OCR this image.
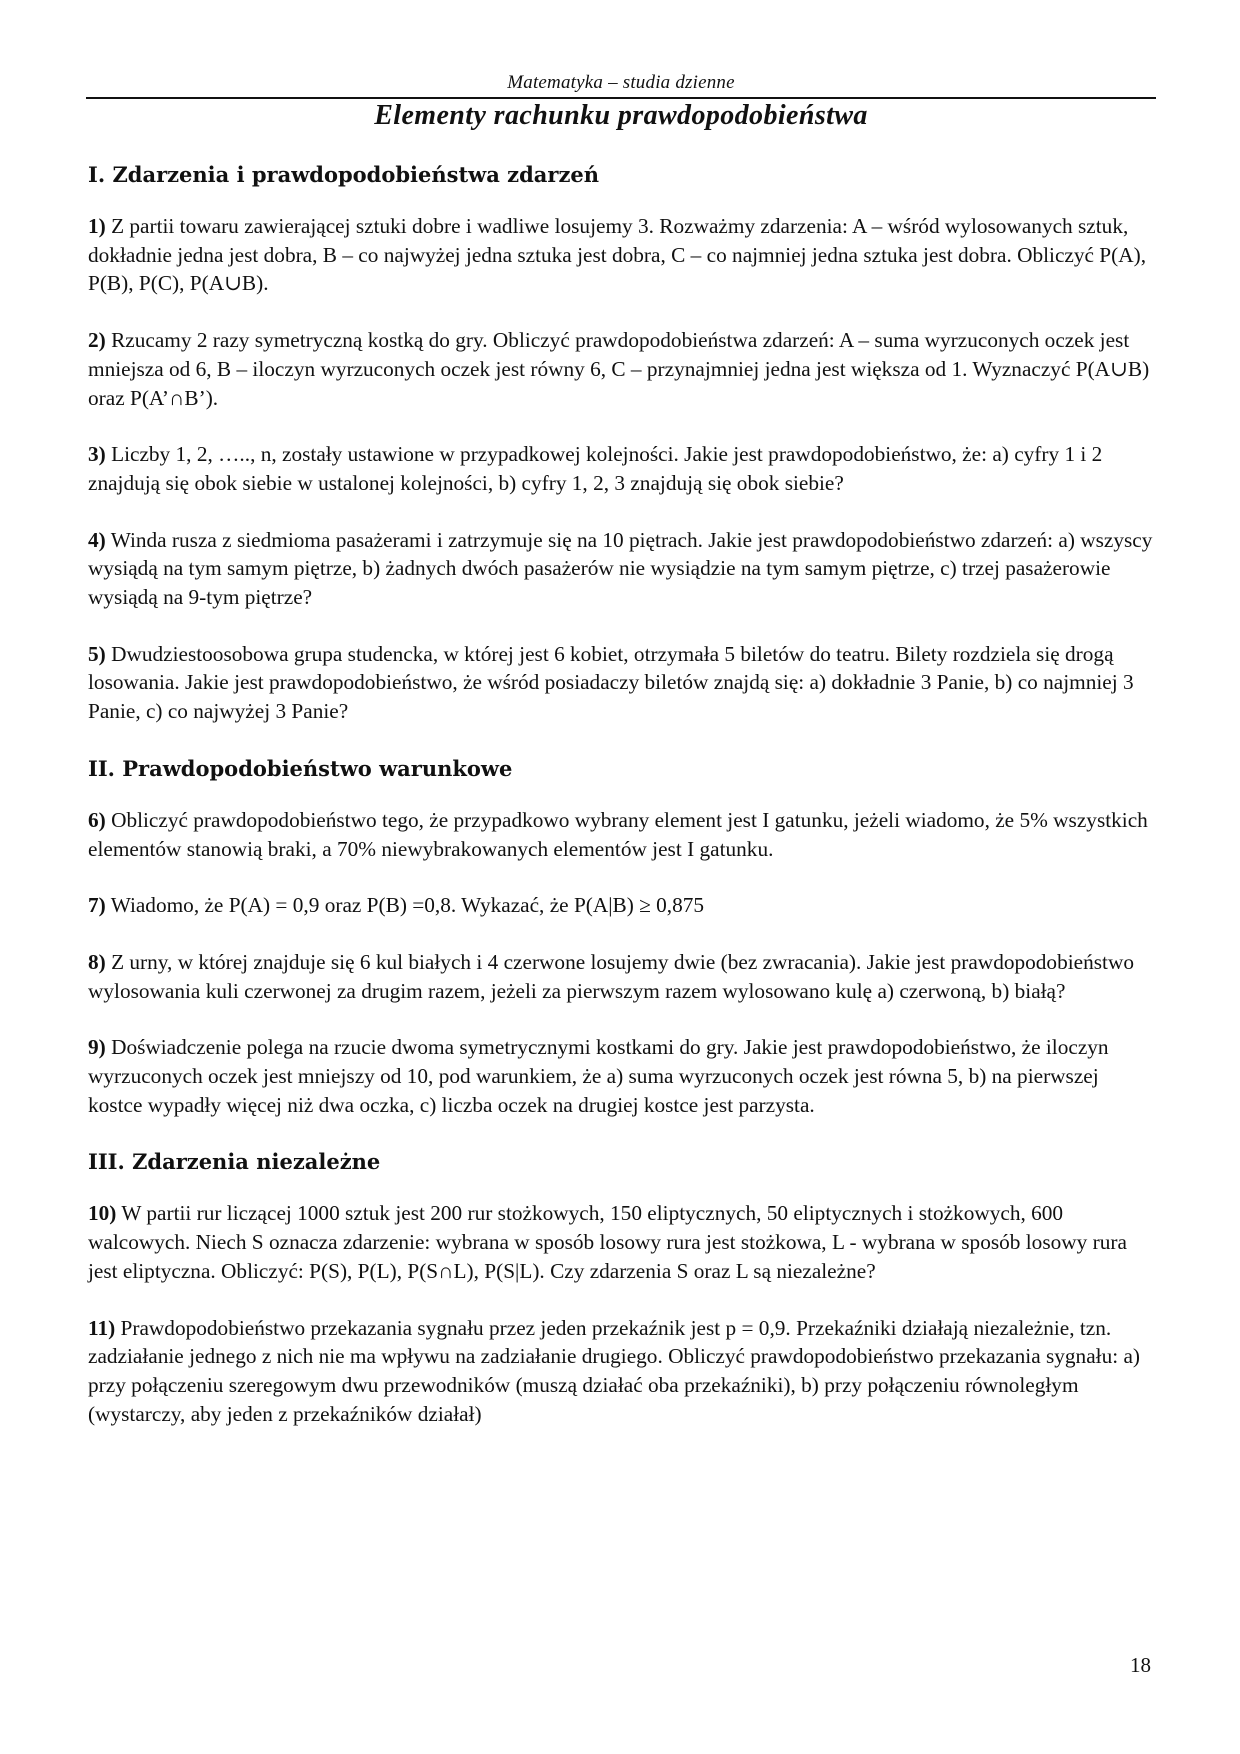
Matematyka – studia dzienne
Elementy rachunku prawdopodobieństwa
I. Zdarzenia i prawdopodobieństwa zdarzeń
1) Z partii towaru zawierającej sztuki dobre i wadliwe losujemy 3. Rozważmy zdarzenia: A – wśród wylosowanych sztuk, dokładnie jedna jest dobra, B – co najwyżej jedna sztuka jest dobra, C – co najmniej jedna sztuka jest dobra. Obliczyć P(A), P(B), P(C), P(A∪B).
2) Rzucamy 2 razy symetryczną kostką do gry. Obliczyć prawdopodobieństwa zdarzeń: A – suma wyrzuconych oczek jest mniejsza od 6, B – iloczyn wyrzuconych oczek jest równy 6, C – przynajmniej jedna jest większa od 1. Wyznaczyć P(A∪B) oraz P(A’∩B’).
3) Liczby 1, 2, ….., n, zostały ustawione w przypadkowej kolejności. Jakie jest prawdopodobieństwo, że: a) cyfry 1 i 2 znajdują się obok siebie w ustalonej kolejności, b) cyfry 1, 2, 3 znajdują się obok siebie?
4) Winda rusza z siedmioma pasażerami i zatrzymuje się na 10 piętrach. Jakie jest prawdopodobieństwo zdarzeń: a) wszyscy wysiądą na tym samym piętrze, b) żadnych dwóch pasażerów nie wysiądzie na tym samym piętrze, c) trzej pasażerowie wysiądą na 9-tym piętrze?
5) Dwudziestoosobowa grupa studencka, w której jest 6 kobiet, otrzymała 5 biletów do teatru. Bilety rozdziela się drogą losowania. Jakie jest prawdopodobieństwo, że wśród posiadaczy biletów znajdą się: a) dokładnie 3 Panie, b) co najmniej 3 Panie, c) co najwyżej 3 Panie?
II. Prawdopodobieństwo warunkowe
6) Obliczyć prawdopodobieństwo tego, że przypadkowo wybrany element jest I gatunku, jeżeli wiadomo, że 5% wszystkich elementów stanowią braki, a 70% niewybrakowanych elementów jest I gatunku.
7) Wiadomo, że P(A) = 0,9 oraz P(B) =0,8. Wykazać, że P(A|B) ≥ 0,875
8) Z urny, w której znajduje się 6 kul białych i 4 czerwone losujemy dwie (bez zwracania). Jakie jest prawdopodobieństwo wylosowania kuli czerwonej za drugim razem, jeżeli za pierwszym razem wylosowano kulę a) czerwoną, b) białą?
9) Doświadczenie polega na rzucie dwoma symetrycznymi kostkami do gry. Jakie jest prawdopodobieństwo, że iloczyn wyrzuconych oczek jest mniejszy od 10, pod warunkiem, że a) suma wyrzuconych oczek jest równa 5, b) na pierwszej kostce wypadły więcej niż dwa oczka, c) liczba oczek na drugiej kostce jest parzysta.
III. Zdarzenia niezależne
10) W partii rur liczącej 1000 sztuk jest 200 rur stożkowych, 150 eliptycznych, 50 eliptycznych i stożkowych, 600 walcowych. Niech S oznacza zdarzenie: wybrana w sposób losowy rura jest stożkowa, L - wybrana w sposób losowy rura jest eliptyczna. Obliczyć: P(S), P(L), P(S∩L), P(S|L). Czy zdarzenia S oraz L są niezależne?
11) Prawdopodobieństwo przekazania sygnału przez jeden przekaźnik jest p = 0,9. Przekaźniki działają niezależnie, tzn. zadziałanie jednego z nich nie ma wpływu na zadziałanie drugiego. Obliczyć prawdopodobieństwo przekazania sygnału: a) przy połączeniu szeregowym dwu przewodników (muszą działać oba przekaźniki), b) przy połączeniu równoległym (wystarczy, aby jeden z przekaźników działał)
18
